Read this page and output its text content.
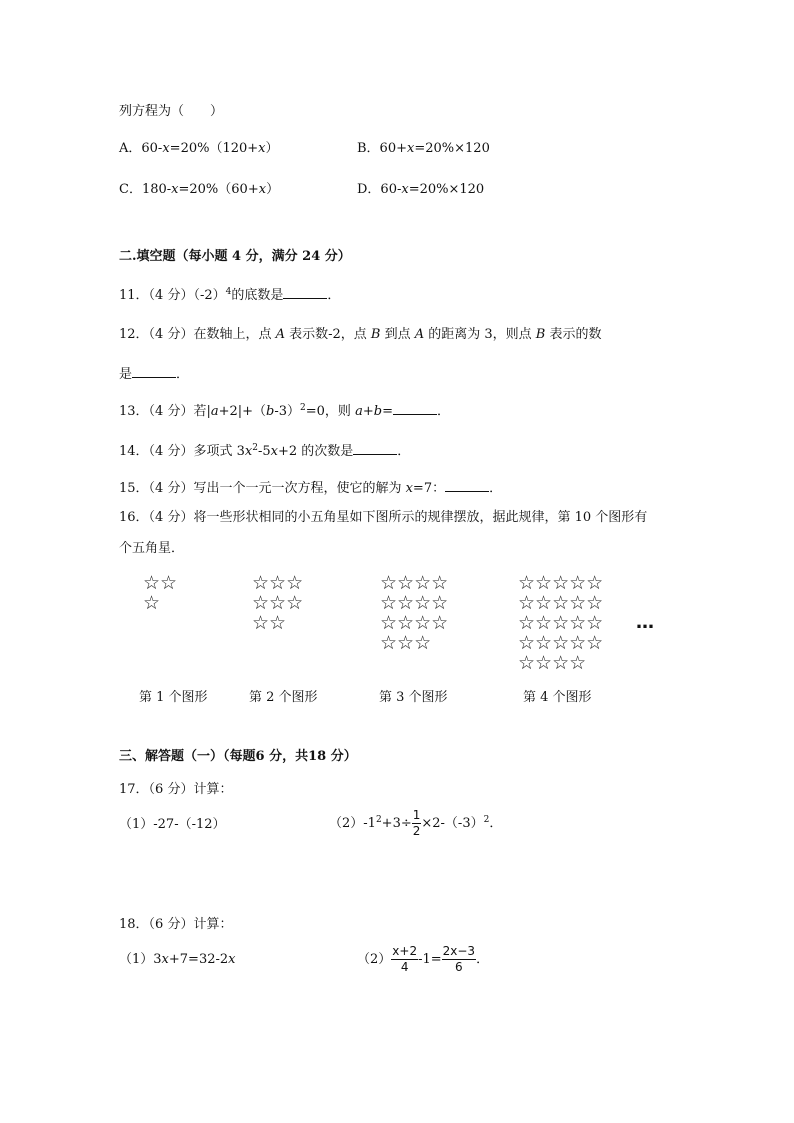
列方程为（　　）
A．60-x=20%（120+x）	B．60+x=20%×120
C．180-x=20%（60+x）	D．60-x=20%×120
二.填空题（每小题 4 分，满分 24 分）
11．（4 分）$(-2)^4$的底数是	．
12．（4 分）在数轴上，点 A 表示数-2，点 B 到点 A 的距离为 3，则点 B 表示的数
是	．
13．（4 分）若$|a+2|+(b-3)^2=0$，则 a+b=	．
14．（4 分）多项式 $3x^2-5x+2$ 的次数是	．
15．（4 分）写出一个一元一次方程，使它的解为 x=7：	．
16．（4 分）将一些形状相同的小五角星如下图所示的规律摆放，据此规律，第 10 个图形有
个五角星．
☆☆
☆
☆☆☆
☆☆☆
☆☆
☆☆☆☆
☆☆☆☆
☆☆☆☆
☆☆☆
☆☆☆☆☆
☆☆☆☆☆
☆☆☆☆☆
☆☆☆☆☆
☆☆☆☆
…
第 1 个图形	第 2 个图形	第 3 个图形	第 4 个图形
三、解答题（一）（每题6 分，共18 分）
17．（6 分）计算：
（1）-27-（-12）	$(2)-1^2+3\div \frac{1}{2} \times 2-(-3)^2$．
18．（6 分）计算：
（1）3x+7=32-2x	$(2) \frac{x+2}{4} -1= \frac{2x-3}{6}$ ．
